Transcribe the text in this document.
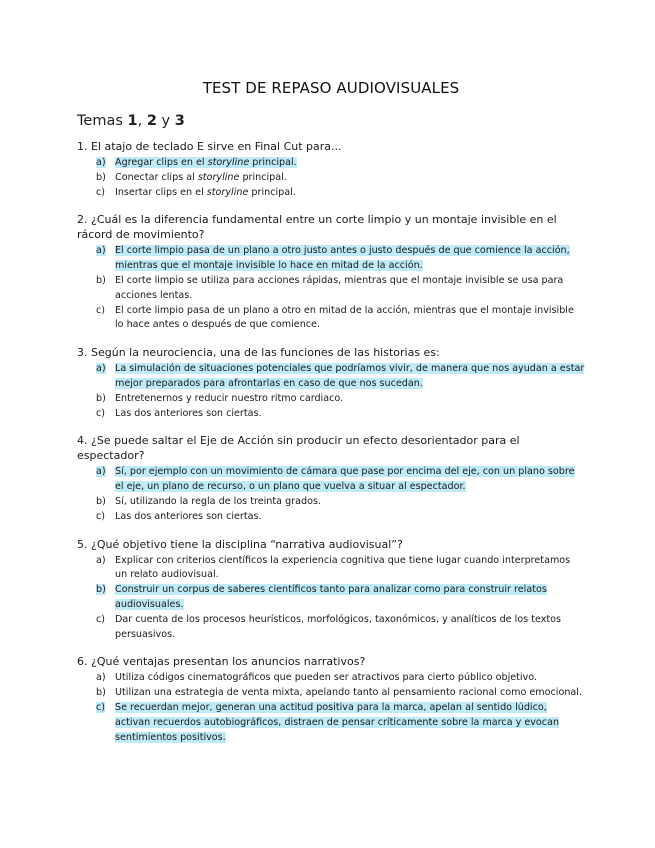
TEST DE REPASO AUDIOVISUALES

Temas 1, 2 y 3

1. El atajo de teclado E sirve en Final Cut para...
a) Agregar clips en el storyline principal.
b) Conectar clips al storyline principal.
c)	Insertar clips en el storyline principal.
2. ¿Cuál es la diferencia fundamental entre un corte limpio y un montaje invisible en el rácord de movimiento?
a) El corte limpio pasa de un plano a otro justo antes o justo después de que comience la acción, mientras que el montaje invisible lo hace en mitad de la acción.
b) El corte limpio se utiliza para acciones rápidas, mientras que el montaje invisible se usa para acciones lentas.
c)	El corte limpio pasa de un plano a otro en mitad de la acción, mientras que el montaje invisible lo hace antes o después de que comience.
3. Según la neurociencia, una de las funciones de las historias es:
a) La simulación de situaciones potenciales que podríamos vivir, de manera que nos ayudan a estar mejor preparados para afrontarlas en caso de que nos sucedan.
b) Entretenernos y reducir nuestro ritmo cardiaco.
c)	Las dos anteriores son ciertas.
4. ¿Se puede saltar el Eje de Acción sin producir un efecto desorientador para el espectador?
a) Sí, por ejemplo con un movimiento de cámara que pase por encima del eje, con un plano sobre el eje, un plano de recurso, o un plano que vuelva a situar al espectador.
b) Sí, utilizando la regla de los treinta grados.
c)	Las dos anteriores son ciertas.
5. ¿Qué objetivo tiene la disciplina “narrativa audiovisual”?
a) Explicar con criterios científicos la experiencia cognitiva que tiene lugar cuando interpretamos un relato audiovisual.
b) Construir un corpus de saberes científicos tanto para analizar como para construir relatos audiovisuales.
c)	Dar cuenta de los procesos heurísticos, morfológicos, taxonómicos, y analíticos de los textos persuasivos.
6. ¿Qué ventajas presentan los anuncios narrativos?
a) Utiliza códigos cinematográficos que pueden ser atractivos para cierto público objetivo.
b) Utilizan una estrategia de venta mixta, apelando tanto al pensamiento racional como emocional.
c)	Se recuerdan mejor, generan una actitud positiva para la marca, apelan al sentido lúdico, activan recuerdos autobiográficos, distraen de pensar críticamente sobre la marca y evocan sentimientos positivos.
